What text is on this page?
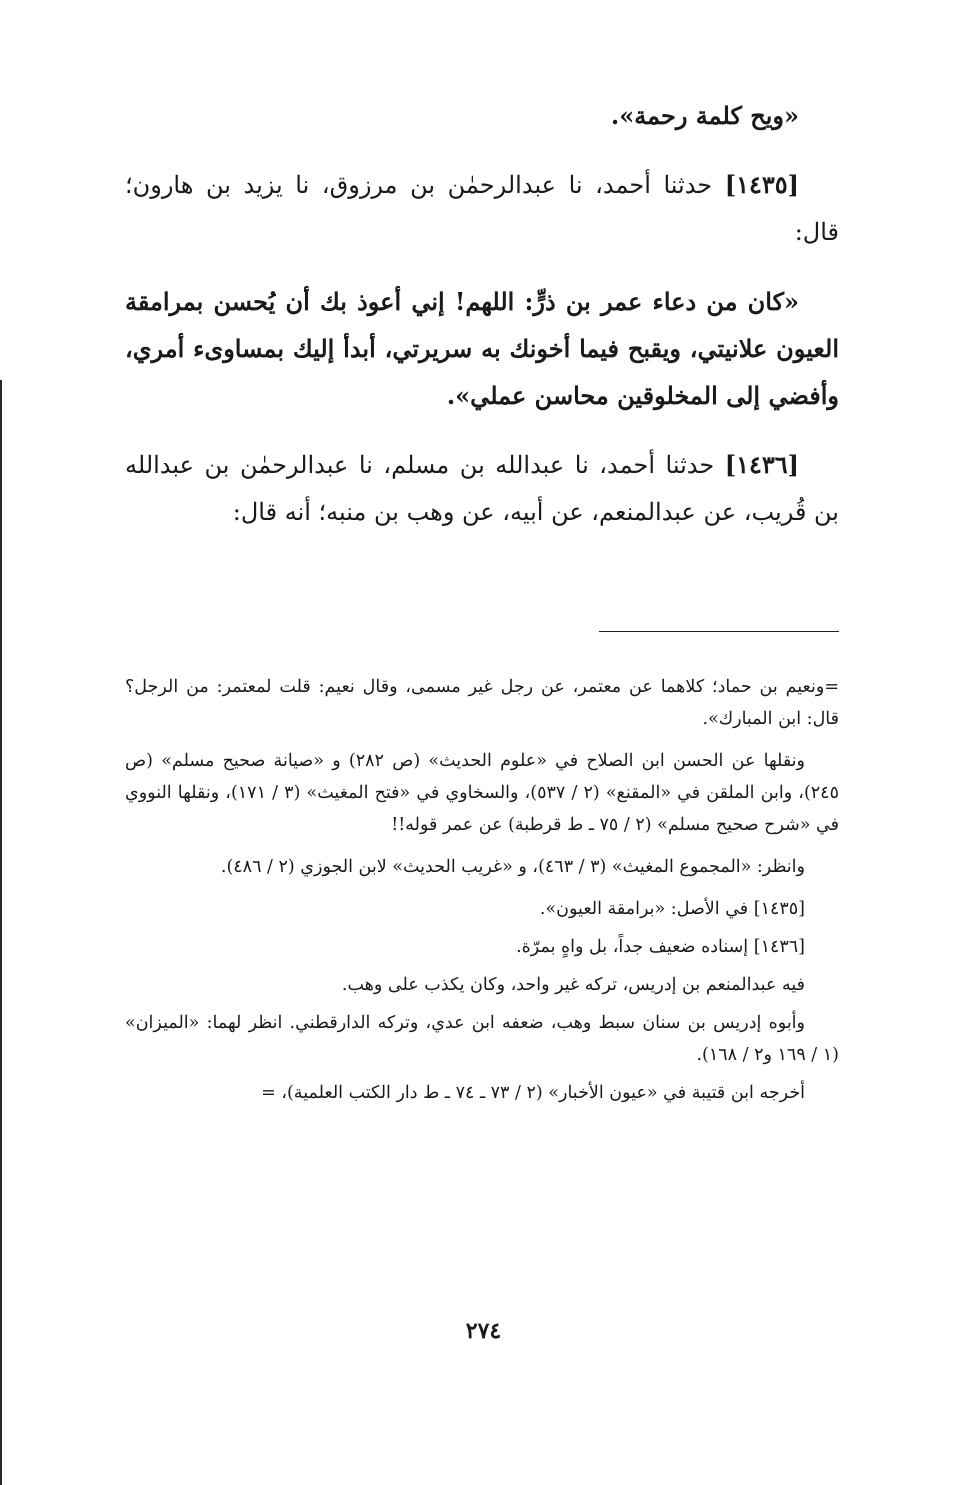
«ويح كلمة رحمة».

[١٤٣٥] حدثنا أحمد، نا عبدالرحمٰن بن مرزوق، نا يزيد بن هارون؛ قال:

«كان من دعاء عمر بن ذرٍّ: اللهم! إني أعوذ بك أن يُحسن بمرامقة العيون علانيتي، ويقبح فيما أخونك به سريرتي، أبدأ إليك بمساوىء أمري، وأفضي إلى المخلوقين محاسن عملي».

[١٤٣٦] حدثنا أحمد، نا عبدالله بن مسلم، نا عبدالرحمٰن بن عبدالله بن قُريب، عن عبدالمنعم، عن أبيه، عن وهب بن منبه؛ أنه قال:

=ونعيم بن حماد؛ كلاهما عن معتمر، عن رجل غير مسمى، وقال نعيم: قلت لمعتمر: من الرجل؟ قال: ابن المبارك».

ونقلها عن الحسن ابن الصلاح في «علوم الحديث» (ص ٢٨٢) و «صيانة صحيح مسلم» (ص ٢٤٥)، وابن الملقن في «المقنع» (٢ / ٥٣٧)، والسخاوي في «فتح المغيث» (٣ / ١٧١)، ونقلها النووي في «شرح صحيح مسلم» (٢ / ٧٥ ـ ط قرطبة) عن عمر قوله!!

وانظر: «المجموع المغيث» (٣ / ٤٦٣)، و «غريب الحديث» لابن الجوزي (٢ / ٤٨٦).

[١٤٣٥] في الأصل: «برامقة العيون».

[١٤٣٦] إسناده ضعيف جداً، بل واهٍ بمرّة.

فيه عبدالمنعم بن إدريس، تركه غير واحد، وكان يكذب على وهب.

وأبوه إدريس بن سنان سبط وهب، ضعفه ابن عدي، وتركه الدارقطني. انظر لهما: «الميزان» (١ / ١٦٩ و٢ / ١٦٨).

أخرجه ابن قتيبة في «عيون الأخبار» (٢ / ٧٣ ـ ٧٤ ـ ط دار الكتب العلمية)، =

٢٧٤
